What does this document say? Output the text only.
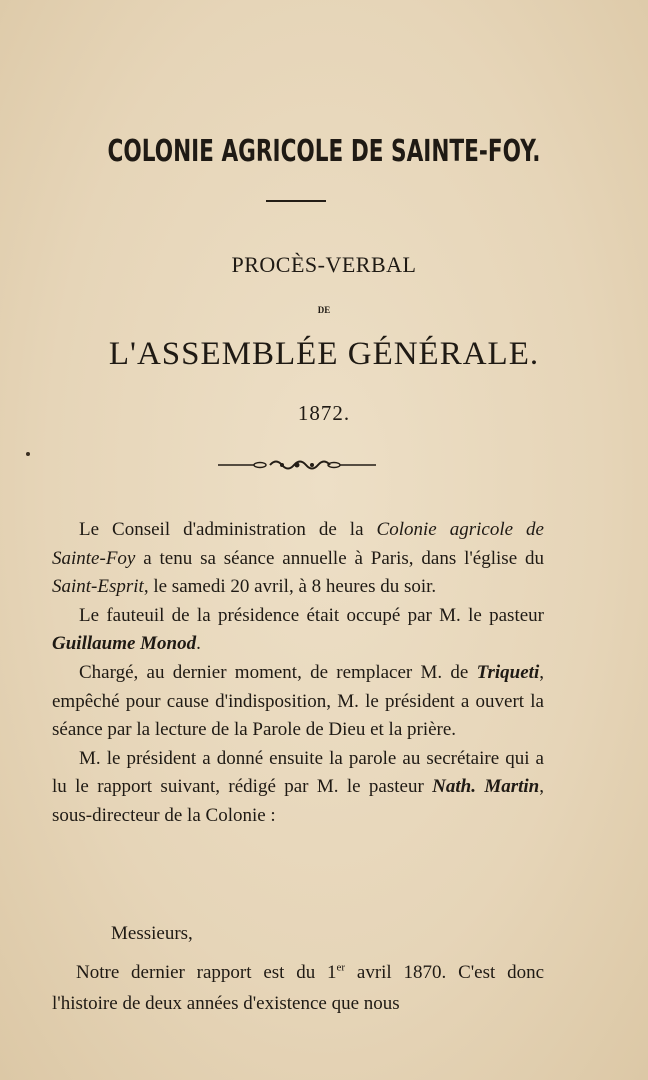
COLONIE AGRICOLE DE SAINTE-FOY.
PROCÈS-VERBAL
DE
L'ASSEMBLÉE GÉNÉRALE.
1872.

Le Conseil d'administration de la Colonie agricole de Sainte-Foy a tenu sa séance annuelle à Paris, dans l'église du Saint-Esprit, le samedi 20 avril, à 8 heures du soir.

Le fauteuil de la présidence était occupé par M. le pasteur Guillaume Monod.

Chargé, au dernier moment, de remplacer M. de Triqueti, empêché pour cause d'indisposition, M. le président a ouvert la séance par la lecture de la Parole de Dieu et la prière.

M. le président a donné ensuite la parole au secrétaire qui a lu le rapport suivant, rédigé par M. le pasteur Nath. Martin, sous-directeur de la Colonie :

Messieurs,

Notre dernier rapport est du 1er avril 1870. C'est donc l'histoire de deux années d'existence que nous
